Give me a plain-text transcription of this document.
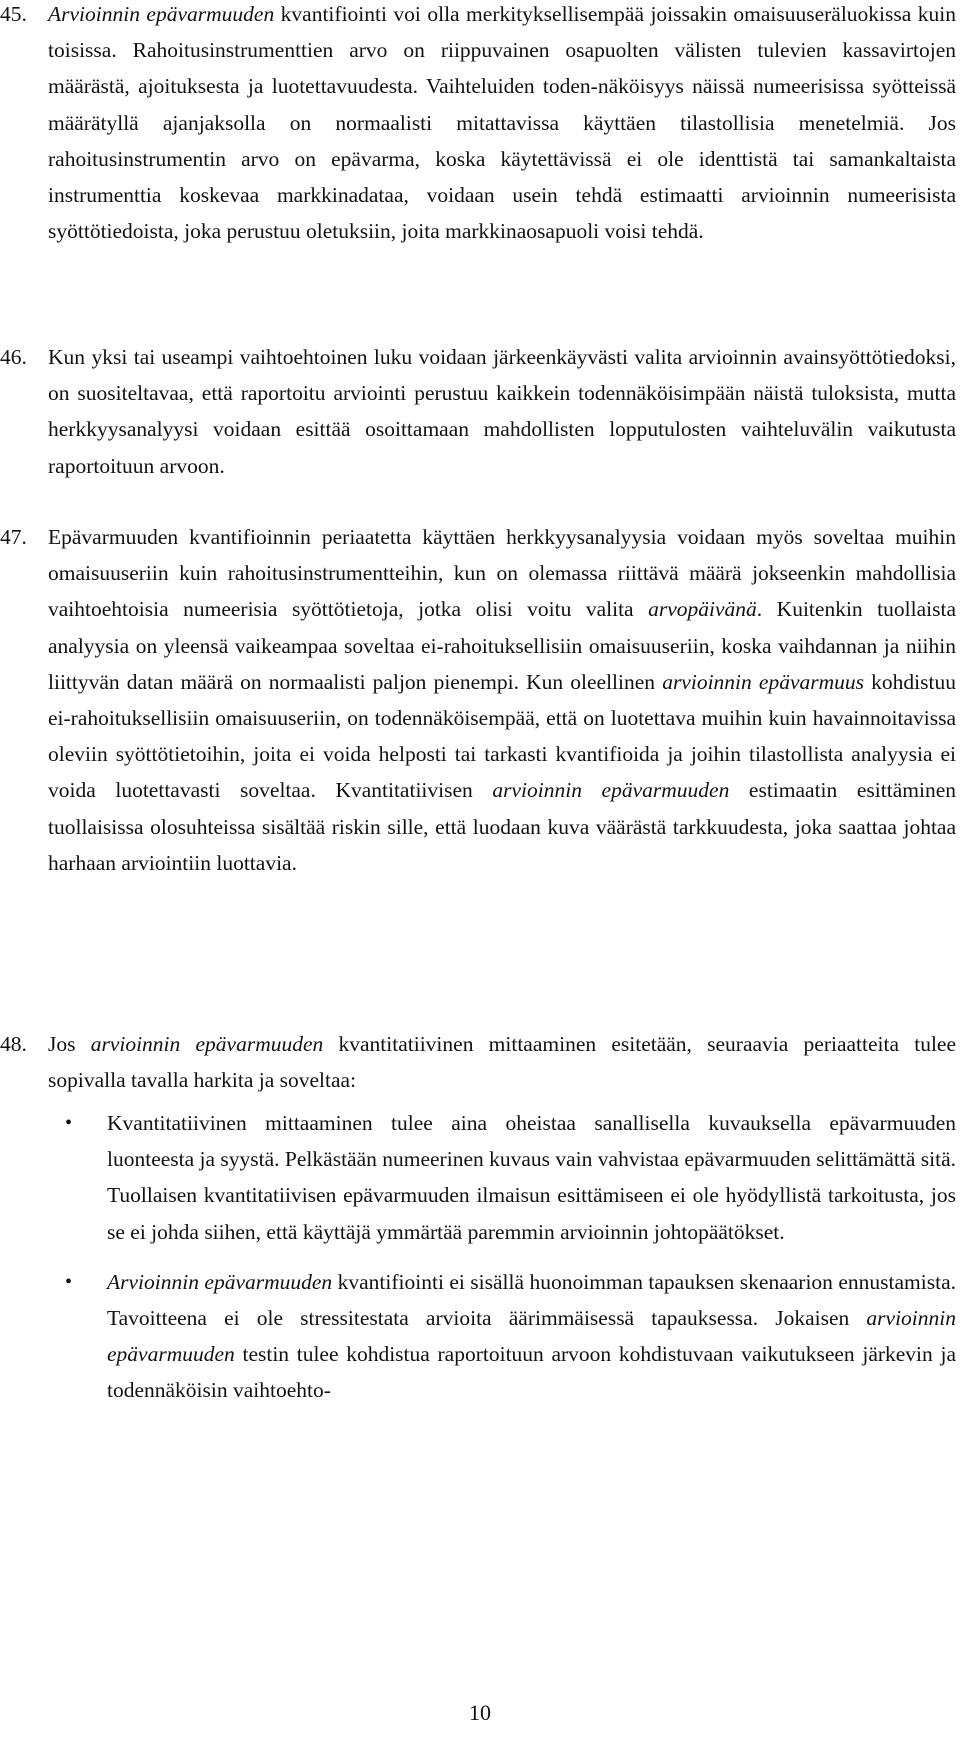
45. Arvioinnin epävarmuuden kvantifiointi voi olla merkityksellisempää joissakin omaisuuseräluokissa kuin toisissa. Rahoitusinstrumenttien arvo on riippuvainen osapuolten välisten tulevien kassavirtojen määrästä, ajoituksesta ja luotettavuudesta. Vaihteluiden toden-näköisyys näissä numeerisissa syötteissä määrätyllä ajanjaksolla on normaalisti mitattavissa käyttäen tilastollisia menetelmiä. Jos rahoitusinstrumentin arvo on epävarma, koska käytettävissä ei ole identtistä tai samankaltaista instrumenttia koskevaa markkinadataa, voidaan usein tehdä estimaatti arvioinnin numeerisista syöttötiedoista, joka perustuu oletuksiin, joita markkinaosapuoli voisi tehdä.
46. Kun yksi tai useampi vaihtoehtoinen luku voidaan järkeenkäyvästi valita arvioinnin avainsyöttötiedoksi, on suositeltavaa, että raportoitu arviointi perustuu kaikkein todennäköisimpään näistä tuloksista, mutta herkkyysanalyysi voidaan esittää osoittamaan mahdollisten lopputulosten vaihteluvälin vaikutusta raportoituun arvoon.
47. Epävarmuuden kvantifioinnin periaatetta käyttäen herkkyysanalyysia voidaan myös soveltaa muihin omaisuuseriin kuin rahoitusinstrumentteihin, kun on olemassa riittävä määrä jokseenkin mahdollisia vaihtoehtoisia numeerisia syöttötietoja, jotka olisi voitu valita arvopäivänä. Kuitenkin tuollaista analyysia on yleensä vaikeampaa soveltaa ei-rahoituksellisiin omaisuuseriin, koska vaihdannan ja niihin liittyvän datan määrä on normaalisti paljon pienempi. Kun oleellinen arvioinnin epävarmuus kohdistuu ei-rahoituksellisiin omaisuuseriin, on todennäköisempää, että on luotettava muihin kuin havainnoitavissa oleviin syöttötietoihin, joita ei voida helposti tai tarkasti kvantifioida ja joihin tilastollista analyysia ei voida luotettavasti soveltaa. Kvantitatiivisen arvioinnin epävarmuuden estimaatin esittäminen tuollaisissa olosuhteissa sisältää riskin sille, että luodaan kuva väärästä tarkkuudesta, joka saattaa johtaa harhaan arviointiin luottavia.
48. Jos arvioinnin epävarmuuden kvantitatiivinen mittaaminen esitetään, seuraavia periaatteita tulee sopivalla tavalla harkita ja soveltaa:
• Kvantitatiivinen mittaaminen tulee aina oheistaa sanallisella kuvauksella epävarmuuden luonteesta ja syystä. Pelkästään numeerinen kuvaus vain vahvistaa epävarmuuden selittämättä sitä. Tuollaisen kvantitatiivisen epävarmuuden ilmaisun esittämiseen ei ole hyödyllistä tarkoitusta, jos se ei johda siihen, että käyttäjä ymmärtää paremmin arvioinnin johtopäätökset.
• Arvioinnin epävarmuuden kvantifiointi ei sisällä huonoimman tapauksen skenaarion ennustamista. Tavoitteena ei ole stressitestata arvioita äärimmäisessä tapauksessa. Jokaisen arvioinnin epävarmuuden testin tulee kohdistua raportoituun arvoon kohdistuvaan vaikutukseen järkevin ja todennäköisin vaihtoehto-
10
